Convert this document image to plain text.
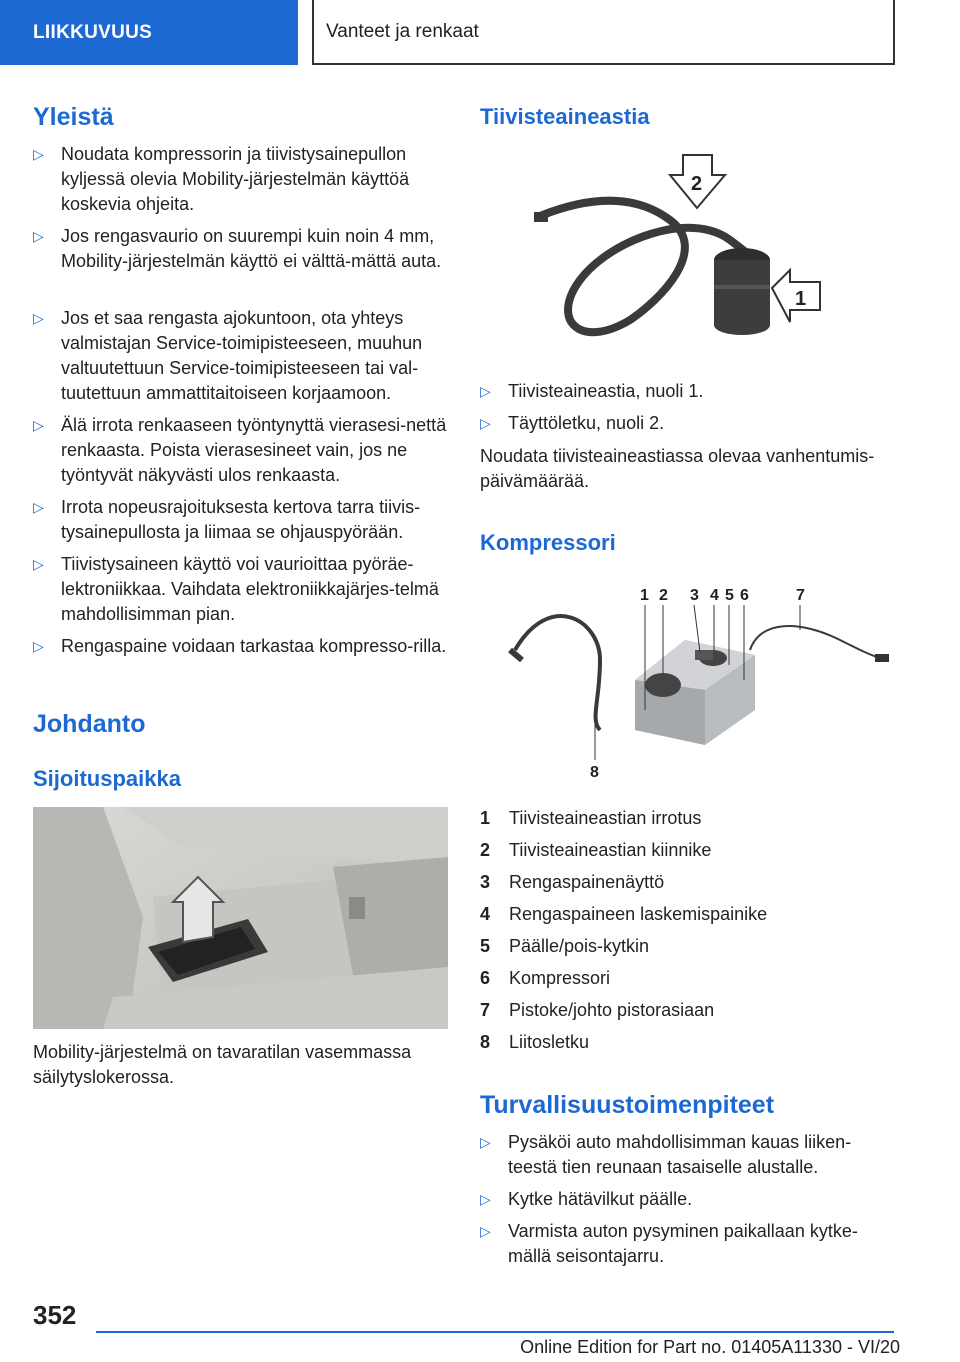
LIIKKUVUUS	Vanteet ja renkaat
Yleistä
▷ Noudata kompressorin ja tiivistysainepullon kyljessä olevia Mobility-järjestelmän käyttöä koskevia ohjeita.
▷ Jos rengasvaurio on suurempi kuin noin 4 mm, Mobility-järjestelmän käyttö ei välttä-mättä auta.
▷ Jos et saa rengasta ajokuntoon, ota yhteys valmistajan Service-toimipisteeseen, muuhun valtuutettuun Service-toimipisteeseen tai val-tuutettuun ammattitaitoiseen korjaamoon.
▷ Älä irrota renkaaseen työntynyttä vierasesi-nettä renkaasta. Poista vierasesineet vain, jos ne työntyvät näkyvästi ulos renkaasta.
▷ Irrota nopeusrajoituksesta kertova tarra tiivis-tysainepullosta ja liimaa se ohjauspyörään.
▷ Tiivistysaineen käyttö voi vaurioittaa pyöräe-lektroniikkaa. Vaihdata elektroniikkajärjes-telmä mahdollisimman pian.
▷ Rengaspaine voidaan tarkastaa kompresso-rilla.
Johdanto
Sijoituspaikka
Mobility-järjestelmä on tavaratilan vasemmassa säilytyslokerossa.
Tiivisteaineastia
2
1
▷ Tiivisteaineastia, nuoli 1.
▷ Täyttöletku, nuoli 2.
Noudata tiivisteaineastiassa olevaa vanhentumis-päivämäärää.
Kompressori
1 2 3 4 5 6	7
8
1 Tiivisteaineastian irrotus
2 Tiivisteaineastian kiinnike
3 Rengaspainenäyttö
4 Rengaspaineen laskemispainike
5 Päälle/pois-kytkin
6 Kompressori
7 Pistoke/johto pistorasiaan
8 Liitosletku
Turvallisuustoimenpiteet
▷ Pysäköi auto mahdollisimman kauas liiken-teestä tien reunaan tasaiselle alustalle.
▷ Kytke hätävilkut päälle.
▷ Varmista auton pysyminen paikallaan kytke-mällä seisontajarru.
352
Online Edition for Part no. 01405A11330 - VI/20
